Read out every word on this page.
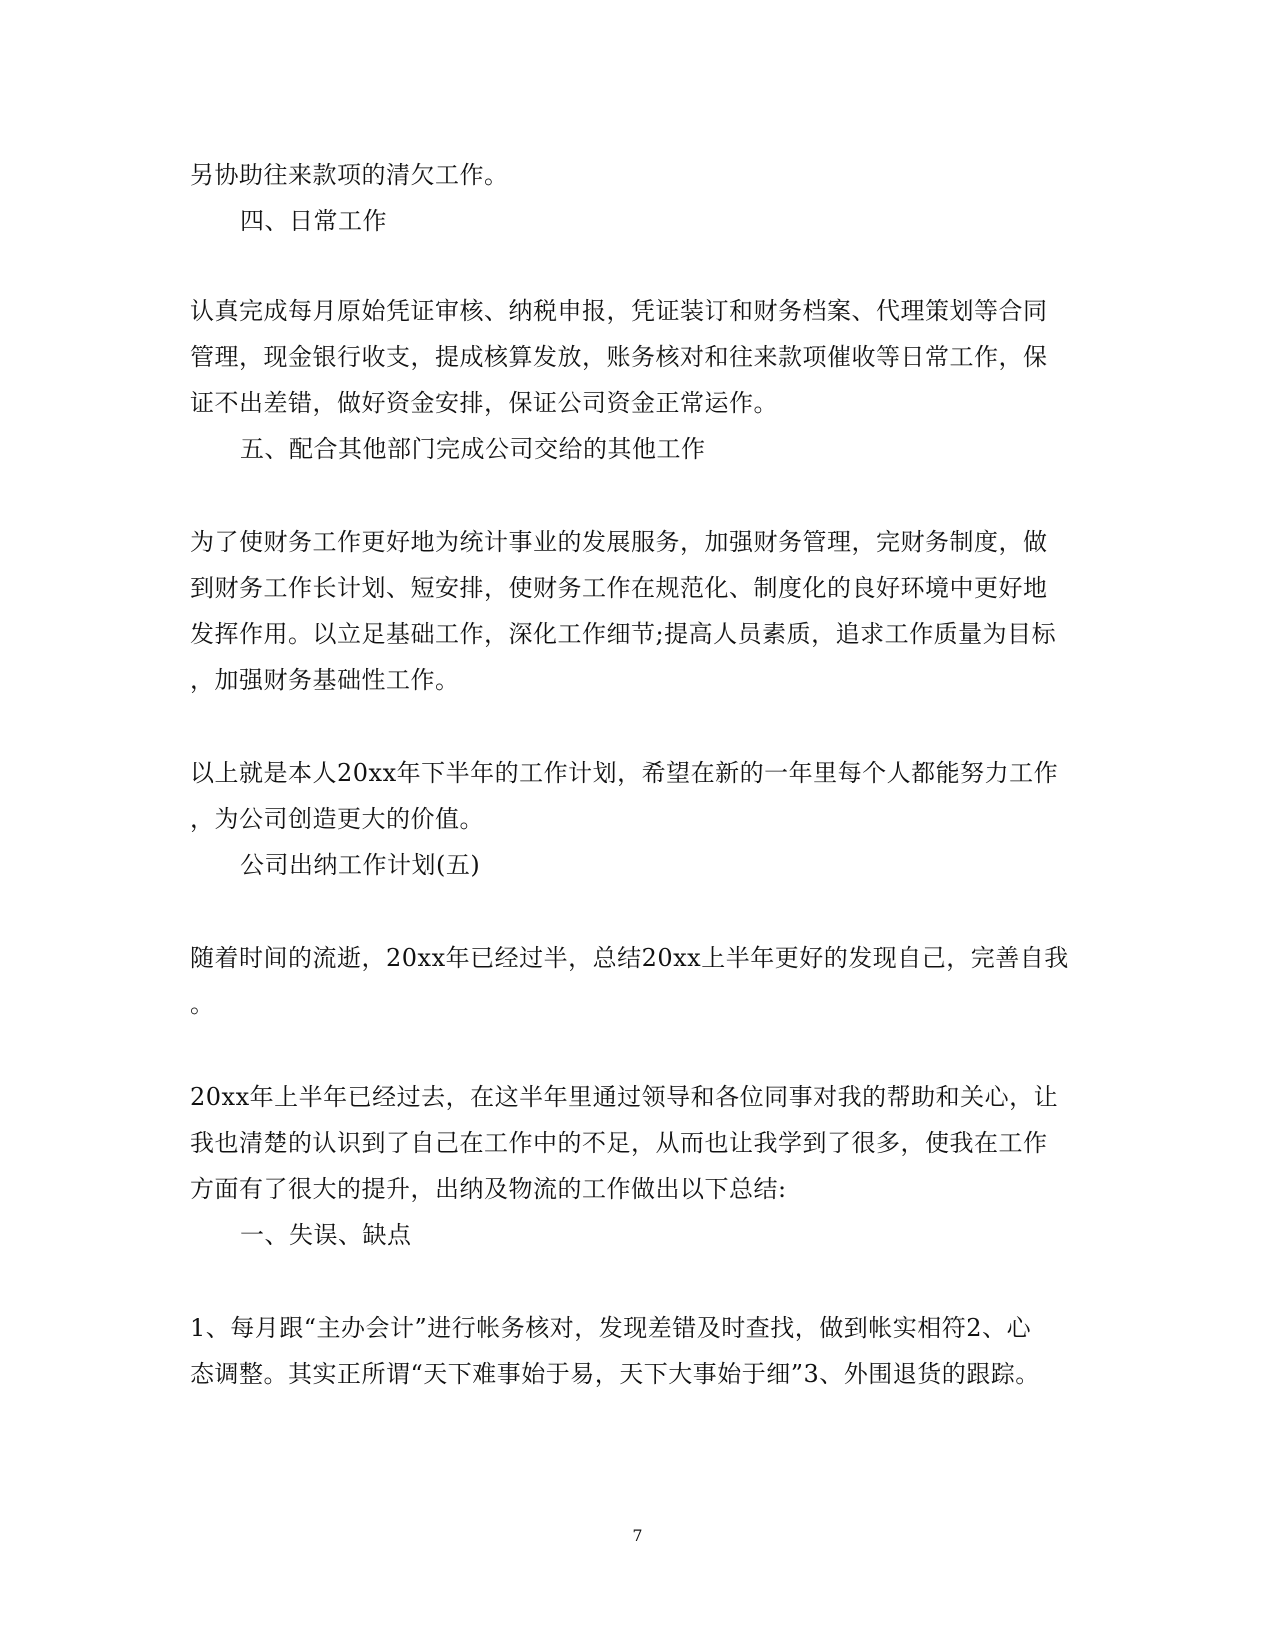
另协助往来款项的清欠工作。
四、日常工作
认真完成每月原始凭证审核、纳税申报，凭证装订和财务档案、代理策划等合同
管理，现金银行收支，提成核算发放，账务核对和往来款项催收等日常工作，保
证不出差错，做好资金安排，保证公司资金正常运作。
五、配合其他部门完成公司交给的其他工作
为了使财务工作更好地为统计事业的发展服务，加强财务管理，完财务制度，做
到财务工作长计划、短安排，使财务工作在规范化、制度化的良好环境中更好地
发挥作用。以立足基础工作，深化工作细节;提高人员素质，追求工作质量为目标
，加强财务基础性工作。
以上就是本人20xx年下半年的工作计划，希望在新的一年里每个人都能努力工作
，为公司创造更大的价值。
公司出纳工作计划(五)
随着时间的流逝，20xx年已经过半，总结20xx上半年更好的发现自己，完善自我
。
20xx年上半年已经过去，在这半年里通过领导和各位同事对我的帮助和关心，让
我也清楚的认识到了自己在工作中的不足，从而也让我学到了很多，使我在工作
方面有了很大的提升，出纳及物流的工作做出以下总结:
一、失误、缺点
1、每月跟“主办会计”进行帐务核对，发现差错及时查找，做到帐实相符2、心
态调整。其实正所谓“天下难事始于易，天下大事始于细”3、外围退货的跟踪。
7
